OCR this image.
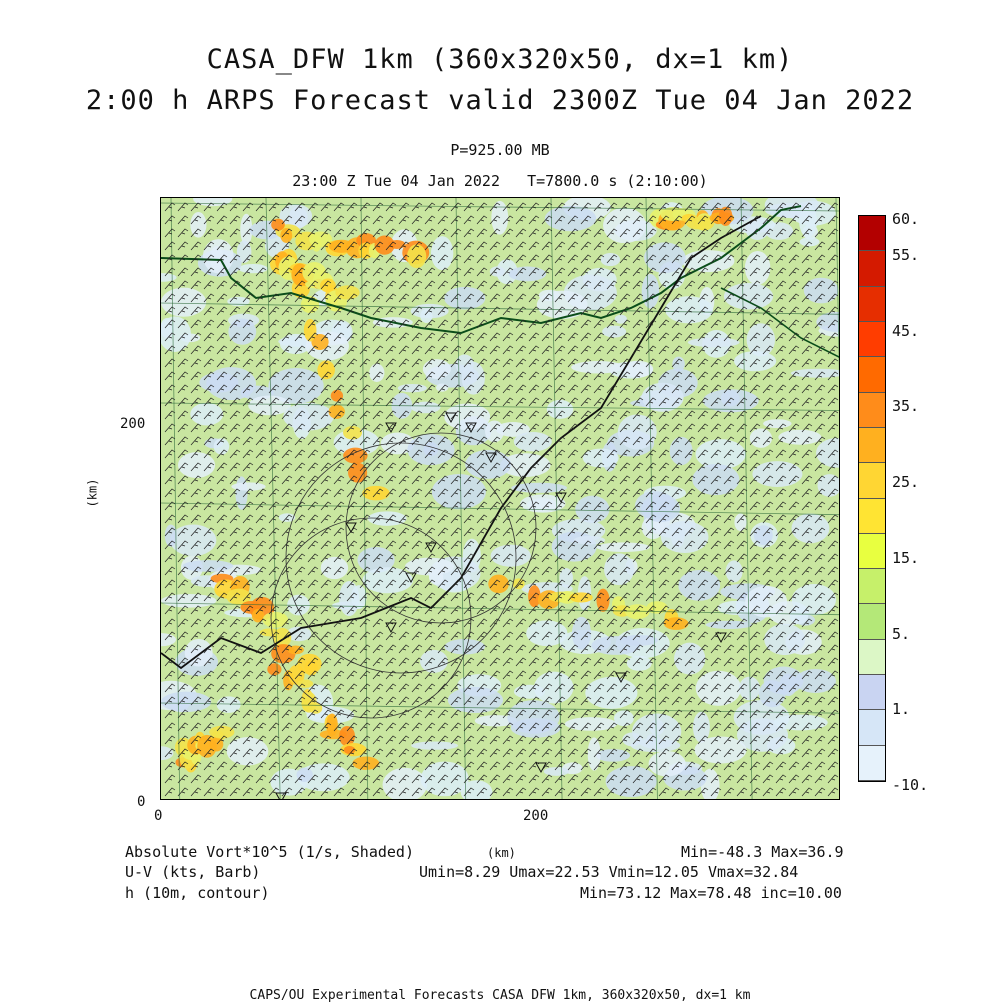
CASA_DFW 1km (360x320x50, dx=1 km)
2:00 h ARPS Forecast valid 2300Z Tue 04 Jan 2022
P=925.00 MB
23:00 Z Tue 04 Jan 2022   T=7800.0 s (2:10:00)
0
200
0	200
(km)
(km)
60.
55.
45.
35.
25.
15.
5.
1.
-10.
Absolute Vort*10^5 (1/s, Shaded)	Min=-48.3 Max=36.9
U-V (kts, Barb)	Umin=8.29 Umax=22.53 Vmin=12.05 Vmax=32.84
h (10m, contour)	Min=73.12 Max=78.48 inc=10.00
CAPS/OU Experimental Forecasts CASA DFW 1km, 360x320x50, dx=1 km
